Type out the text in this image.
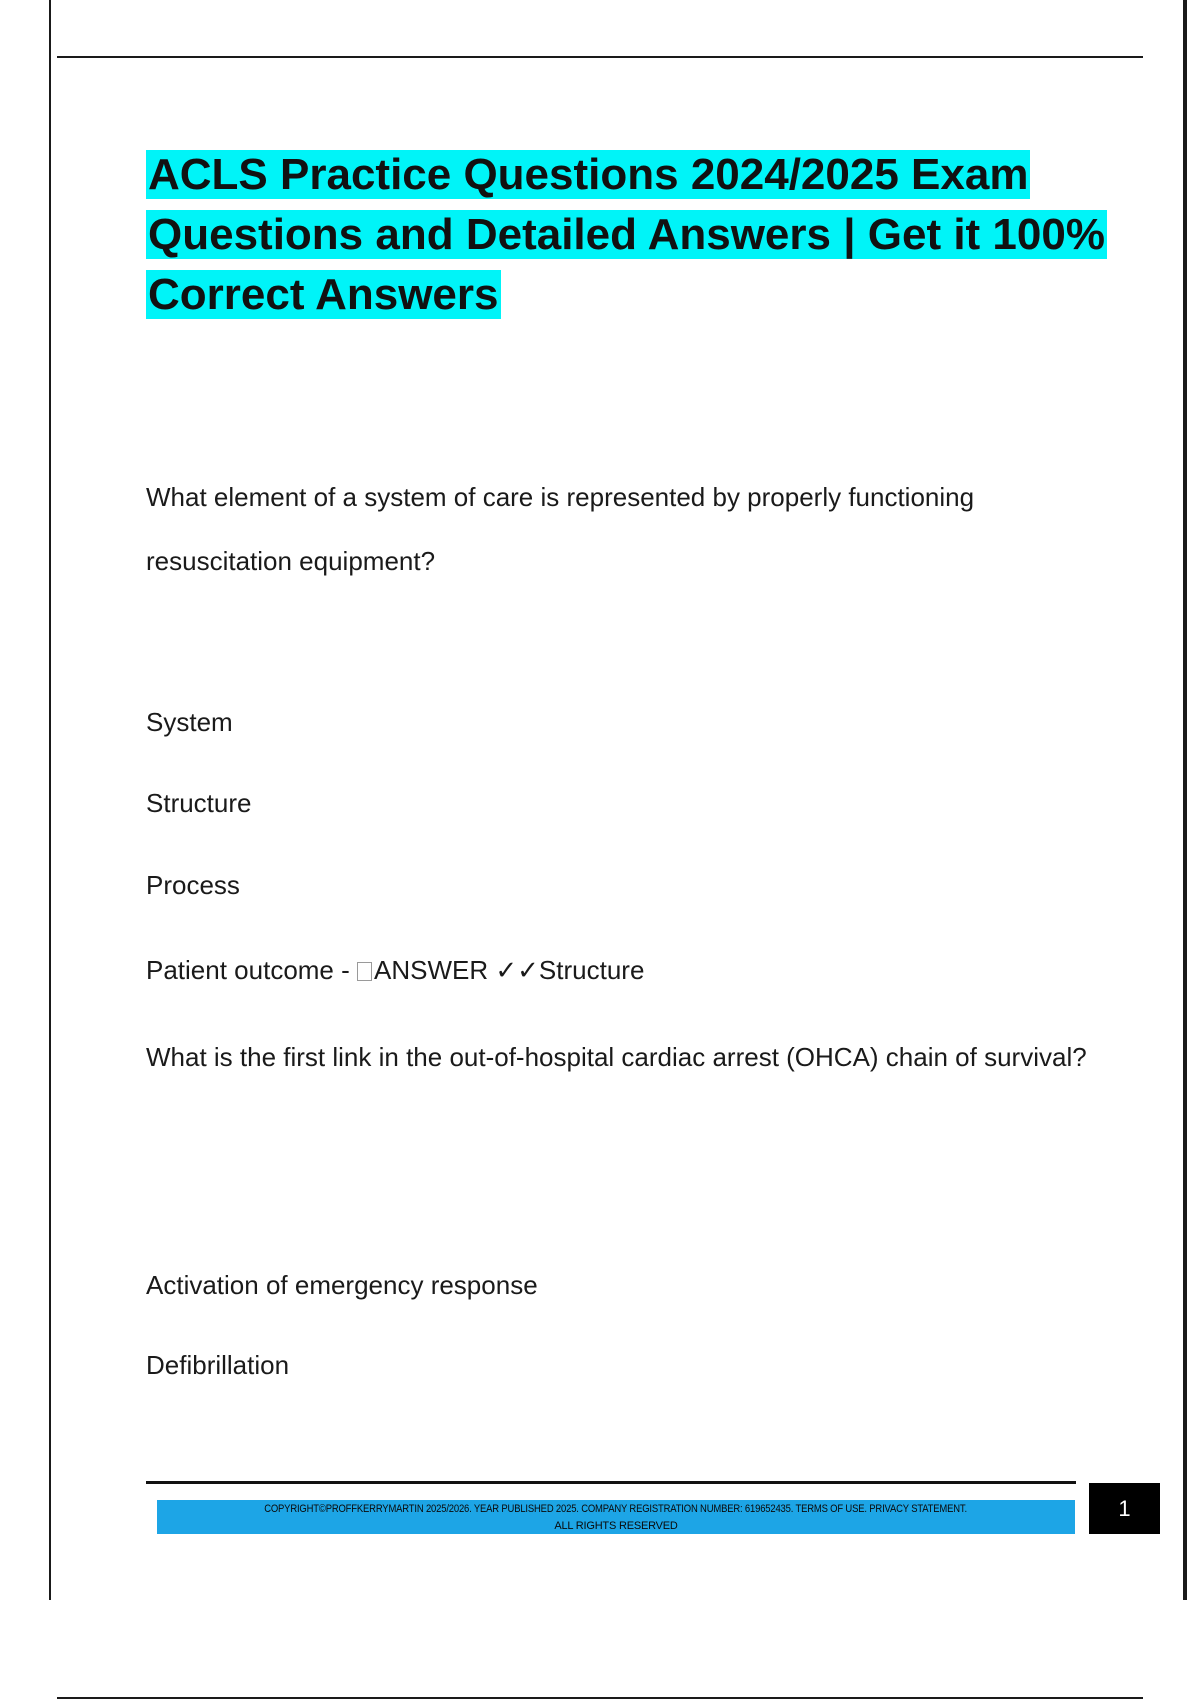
ACLS Practice Questions 2024/2025 Exam Questions and Detailed Answers | Get it 100% Correct Answers

What element of a system of care is represented by properly functioning resuscitation equipment?

System

Structure

Process

Patient outcome - ANSWER ✓✓Structure

What is the first link in the out-of-hospital cardiac arrest (OHCA) chain of survival?

Activation of emergency response

Defibrillation

COPYRIGHT©PROFFKERRYMARTIN 2025/2026. YEAR PUBLISHED 2025. COMPANY REGISTRATION NUMBER: 619652435. TERMS OF USE. PRIVACY STATEMENT.
ALL RIGHTS RESERVED
1
